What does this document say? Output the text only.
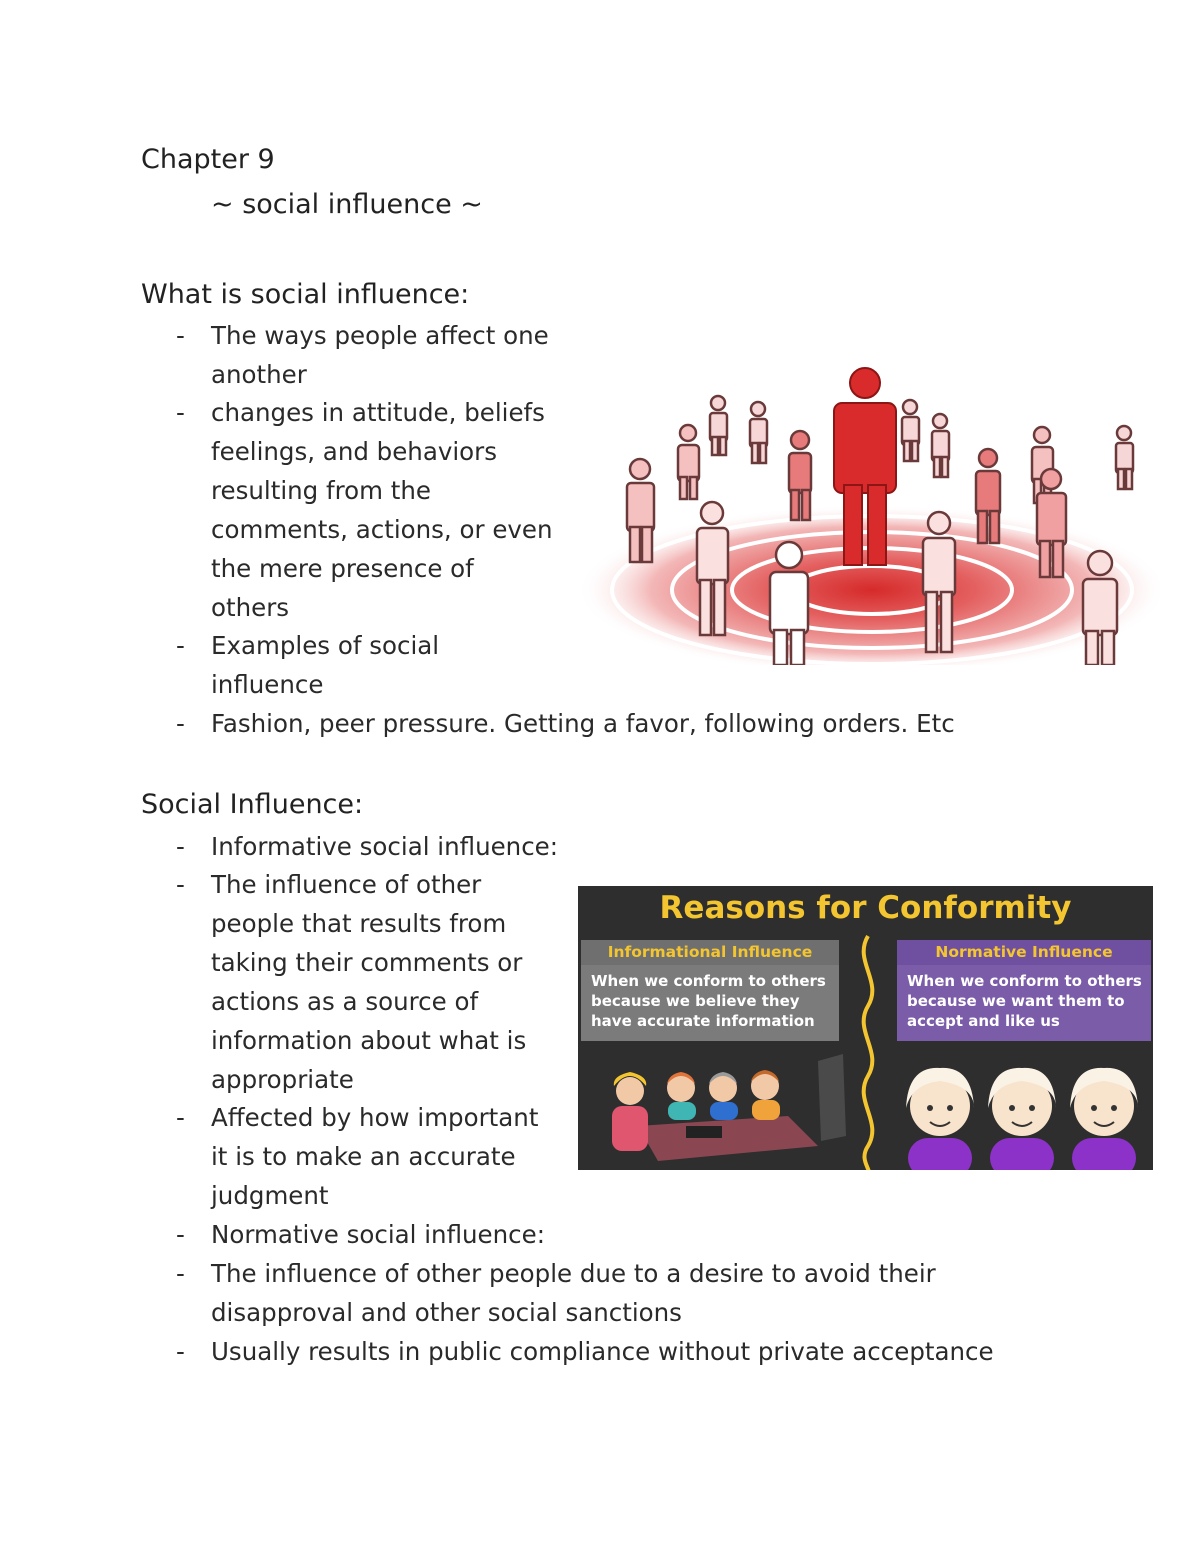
Chapter 9
~ social influence ~
What is social influence:
-
-
-
-
The ways people affect one
another
changes in attitude, beliefs
feelings, and behaviors
resulting from the
comments, actions, or even
the mere presence of
others
Examples of social
influence
Fashion, peer pressure. Getting a favor, following orders. Etc
Social Influence:
-
-
-
-
-
-
Informative social influence:
The influence of other
people that results from
taking their comments or
actions as a source of
information about what is
appropriate
Affected by how important
it is to make an accurate
judgment
Normative social influence:
The influence of other people due to a desire to avoid their
disapproval and other social sanctions
Usually results in public compliance without private acceptance
Reasons for Conformity
Informational Influence
When we conform to others
because we believe they
have accurate information
Normative Influence
When we conform to others
because we want them to
accept and like us
